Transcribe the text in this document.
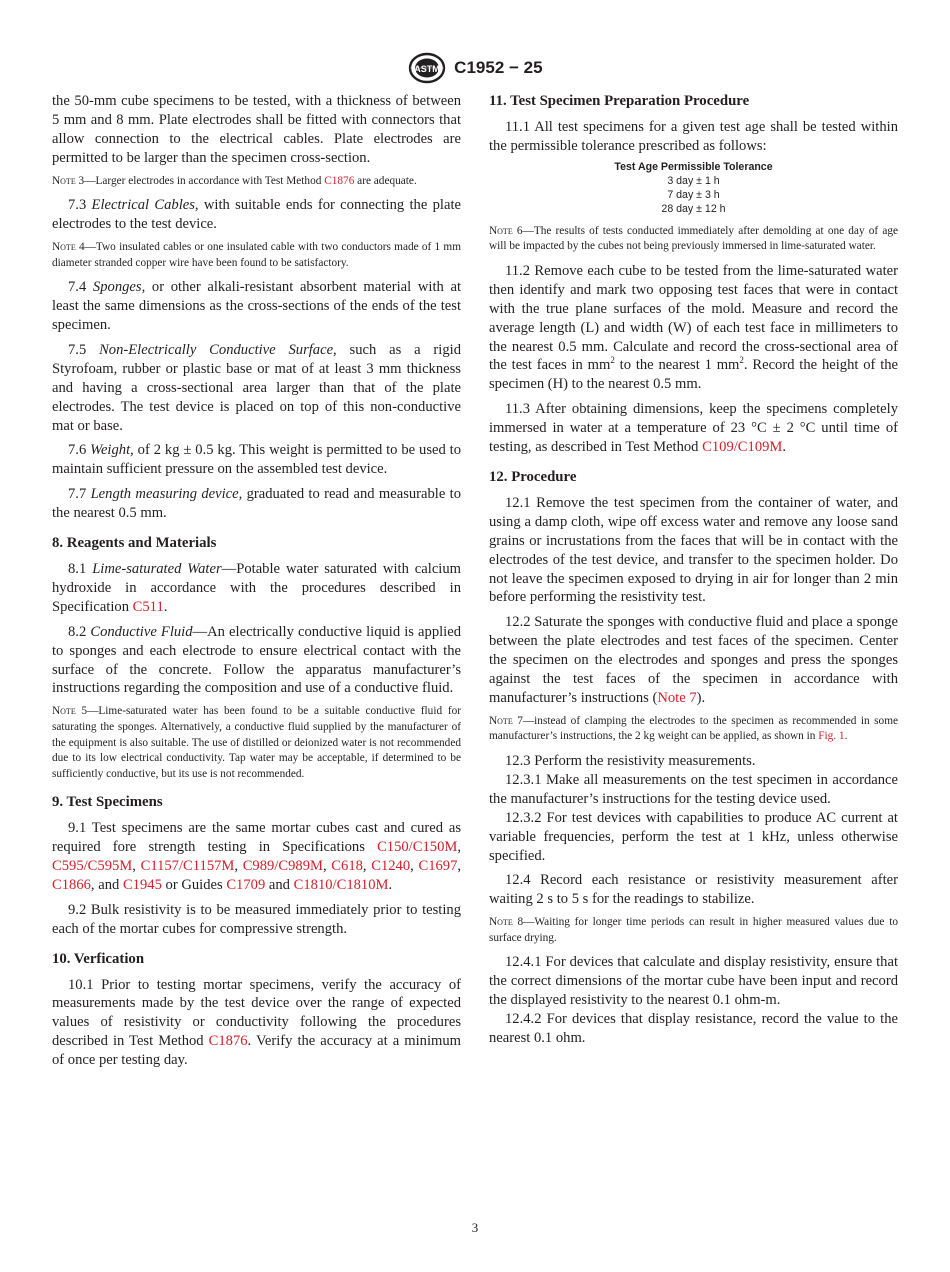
ASTM C1952 − 25

the 50-mm cube specimens to be tested, with a thickness of between 5 mm and 8 mm. Plate electrodes shall be fitted with connectors that allow connection to the electrical cables. Plate electrodes are permitted to be larger than the specimen cross-section.

Note 3—Larger electrodes in accordance with Test Method C1876 are adequate.

7.3 Electrical Cables, with suitable ends for connecting the plate electrodes to the test device.

Note 4—Two insulated cables or one insulated cable with two conductors made of 1 mm diameter stranded copper wire have been found to be satisfactory.

7.4 Sponges, or other alkali-resistant absorbent material with at least the same dimensions as the cross-sections of the ends of the test specimen.

7.5 Non-Electrically Conductive Surface, such as a rigid Styrofoam, rubber or plastic base or mat of at least 3 mm thickness and having a cross-sectional area larger than that of the plate electrodes. The test device is placed on top of this non-conductive mat or base.

7.6 Weight, of 2 kg ± 0.5 kg. This weight is permitted to be used to maintain sufficient pressure on the assembled test device.

7.7 Length measuring device, graduated to read and measurable to the nearest 0.5 mm.

8. Reagents and Materials

8.1 Lime-saturated Water—Potable water saturated with calcium hydroxide in accordance with the procedures described in Specification C511.

8.2 Conductive Fluid—An electrically conductive liquid is applied to sponges and each electrode to ensure electrical contact with the surface of the concrete. Follow the apparatus manufacturer’s instructions regarding the composition and use of a conductive fluid.

Note 5—Lime-saturated water has been found to be a suitable conductive fluid for saturating the sponges. Alternatively, a conductive fluid supplied by the manufacturer of the equipment is also suitable. The use of distilled or deionized water is not recommended due to its low electrical conductivity. Tap water may be acceptable, if determined to be sufficiently conductive, but its use is not recommended.
9. Test Specimens

9.1 Test specimens are the same mortar cubes cast and cured as required fore strength testing in Specifications C150/C150M, C595/C595M, C1157/C1157M, C989/C989M, C618, C1240, C1697, C1866, and C1945 or Guides C1709 and C1810/C1810M.

9.2 Bulk resistivity is to be measured immediately prior to testing each of the mortar cubes for compressive strength.

10. Verfication

10.1 Prior to testing mortar specimens, verify the accuracy of measurements made by the test device over the range of expected values of resistivity or conductivity following the procedures described in Test Method C1876. Verify the accuracy at a minimum of once per testing day.

11. Test Specimen Preparation Procedure

11.1 All test specimens for a given test age shall be tested within the permissible tolerance prescribed as follows:

Test Age Permissible Tolerance
3 day ± 1 h
7 day ± 3 h
28 day ± 12 h
Note 6—The results of tests conducted immediately after demolding at one day of age will be impacted by the cubes not being previously immersed in lime-saturated water.

11.2 Remove each cube to be tested from the lime-saturated water then identify and mark two opposing test faces that were in contact with the true plane surfaces of the mold. Measure and record the average length (L) and width (W) of each test face in millimeters to the nearest 0.5 mm. Calculate and record the cross-sectional area of the test faces in $mm^2$ to the nearest 1 $mm^2$. Record the height of the specimen (H) to the nearest 0.5 mm.

11.3 After obtaining dimensions, keep the specimens completely immersed in water at a temperature of 23 °C ± 2 °C until time of testing, as described in Test Method C109/C109M.

12. Procedure

12.1 Remove the test specimen from the container of water, and using a damp cloth, wipe off excess water and remove any loose sand grains or incrustations from the faces that will be in contact with the electrodes of the test device, and transfer to the specimen holder. Do not leave the specimen exposed to drying in air for longer than 2 min before performing the resistivity test.

12.2 Saturate the sponges with conductive fluid and place a sponge between the plate electrodes and test faces of the specimen. Center the specimen on the electrodes and sponges and press the sponges against the test faces of the specimen in accordance with manufacturer’s instructions (Note 7).

Note 7—instead of clamping the electrodes to the specimen as recommended in some manufacturer’s instructions, the 2 kg weight can be applied, as shown in Fig. 1.

12.3 Perform the resistivity measurements.

12.3.1 Make all measurements on the test specimen in accordance the manufacturer’s instructions for the testing device used.

12.3.2 For test devices with capabilities to produce AC current at variable frequencies, perform the test at 1 kHz, unless otherwise specified.

12.4 Record each resistance or resistivity measurement after waiting 2 s to 5 s for the readings to stabilize.

Note 8—Waiting for longer time periods can result in higher measured values due to surface drying.

12.4.1 For devices that calculate and display resistivity, ensure that the correct dimensions of the mortar cube have been input and record the displayed resistivity to the nearest 0.1 ohm-m.

12.4.2 For devices that display resistance, record the value to the nearest 0.1 ohm.

3
